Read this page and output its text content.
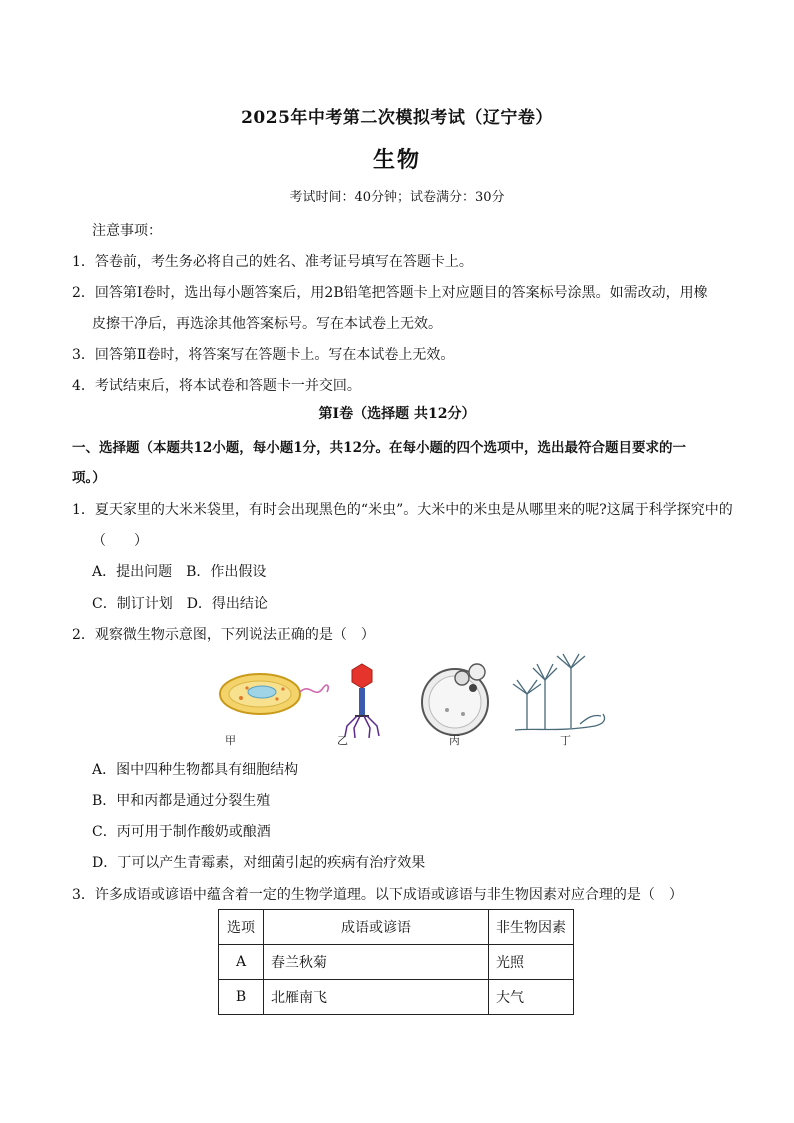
2025年中考第二次模拟考试（辽宁卷）
生物
考试时间：40分钟；试卷满分：30分
注意事项：
1．答卷前，考生务必将自己的姓名、准考证号填写在答题卡上。
2．回答第Ⅰ卷时，选出每小题答案后，用2B铅笔把答题卡上对应题目的答案标号涂黑。如需改动，用橡
皮擦干净后，再选涂其他答案标号。写在本试卷上无效。
3．回答第Ⅱ卷时，将答案写在答题卡上。写在本试卷上无效。
4．考试结束后，将本试卷和答题卡一并交回。
第Ⅰ卷（选择题 共12分）
一、选择题（本题共12小题，每小题1分，共12分。在每小题的四个选项中，选出最符合题目要求的一
项。）
1．夏天家里的大米米袋里，有时会出现黑色的“米虫”。大米中的米虫是从哪里来的呢?这属于科学探究中的
（　　）
A．提出问题　B．作出假设
C．制订计划　D．得出结论
2．观察微生物示意图，下列说法正确的是（　）
甲	乙	丙	丁
A．图中四种生物都具有细胞结构
B．甲和丙都是通过分裂生殖
C．丙可用于制作酸奶或酿酒
D．丁可以产生青霉素，对细菌引起的疾病有治疗效果
3．许多成语或谚语中蕴含着一定的生物学道理。以下成语或谚语与非生物因素对应合理的是（　）
选项	成语或谚语	非生物因素
A	春兰秋菊	光照
B	北雁南飞	大气
